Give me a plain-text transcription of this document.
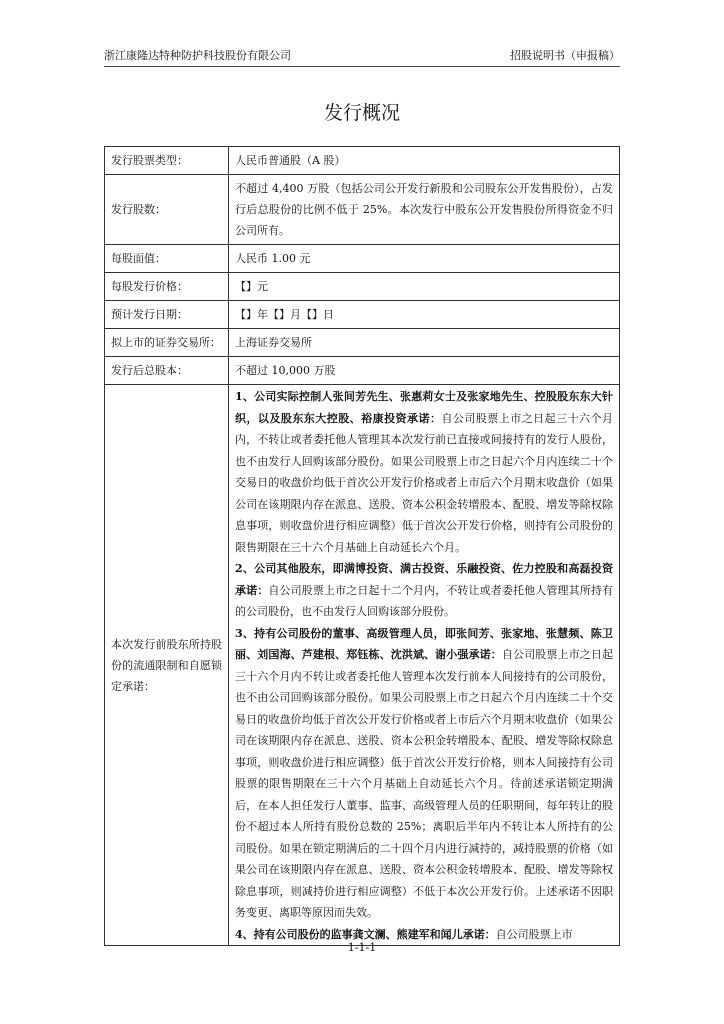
浙江康隆达特种防护科技股份有限公司	招股说明书（申报稿）
发行概况
发行股票类型：	人民币普通股（A 股）
发行股数：	不超过 4,400 万股（包括公司公开发行新股和公司股东公开发售股份），占发行后总股份的比例不低于 25%。本次发行中股东公开发售股份所得资金不归公司所有。
每股面值：	人民币 1.00 元
每股发行价格：	【】元
预计发行日期：	【】年【】月【】日
拟上市的证券交易所：	上海证券交易所
发行后总股本：	不超过 10,000 万股
本次发行前股东所持股份的流通限制和自愿锁定承诺：	1、公司实际控制人张间芳先生、张惠莉女士及张家地先生、控股股东东大针织，以及股东东大控股、裕康投资承诺：自公司股票上市之日起三十六个月内，不转让或者委托他人管理其本次发行前已直接或间接持有的发行人股份，也不由发行人回购该部分股份。如果公司股票上市之日起六个月内连续二十个交易日的收盘价均低于首次公开发行价格或者上市后六个月期末收盘价（如果公司在该期限内存在派息、送股、资本公积金转增股本、配股、增发等除权除息事项，则收盘价进行相应调整）低于首次公开发行价格，则持有公司股份的限售期限在三十六个月基础上自动延长六个月。

2、公司其他股东，即满博投资、满古投资、乐融投资、佐力控股和高磊投资承诺：自公司股票上市之日起十二个月内，不转让或者委托他人管理其所持有的公司股份，也不由发行人回购该部分股份。

3、持有公司股份的董事、高级管理人员，即张间芳、张家地、张慧频、陈卫丽、刘国海、芦建根、郑钰栋、沈洪斌、谢小强承诺：自公司股票上市之日起三十六个月内不转让或者委托他人管理本次发行前本人间接持有的公司股份，也不由公司回购该部分股份。如果公司股票上市之日起六个月内连续二十个交易日的收盘价均低于首次公开发行价格或者上市后六个月期末收盘价（如果公司在该期限内存在派息、送股、资本公积金转增股本、配股、增发等除权除息事项，则收盘价进行相应调整）低于首次公开发行价格，则本人间接持有公司股票的限售期限在三十六个月基础上自动延长六个月。待前述承诺锁定期满后，在本人担任发行人董事、监事、高级管理人员的任职期间，每年转让的股份不超过本人所持有股份总数的 25%；离职后半年内不转让本人所持有的公司股份。如果在锁定期满后的二十四个月内进行减持的，减持股票的价格（如果公司在该期限内存在派息、送股、资本公积金转增股本、配股、增发等除权除息事项，则减持价进行相应调整）不低于本次公开发行价。上述承诺不因职务变更、离职等原因而失效。

4、持有公司股份的监事龚文澜、熊建军和闻儿承诺：自公司股票上市

1-1-1
